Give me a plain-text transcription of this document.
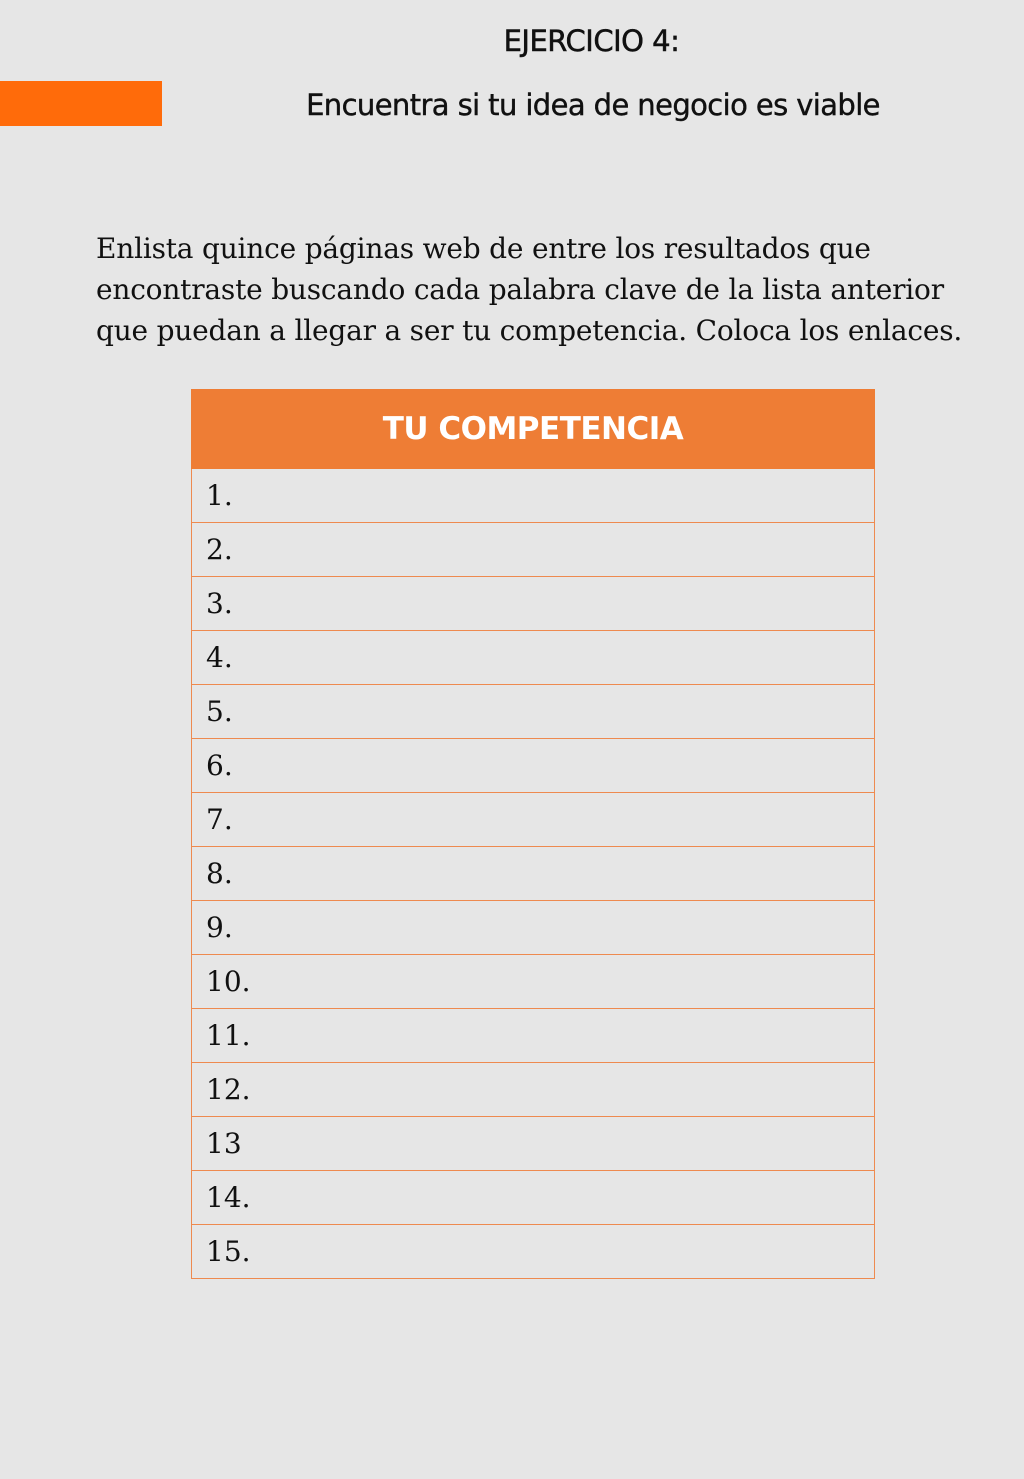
EJERCICIO 4:
Encuentra si tu idea de negocio es viable

Enlista quince páginas web de entre los resultados que encontraste buscando cada palabra clave de la lista anterior que puedan a llegar a ser tu competencia. Coloca los enlaces.

TU COMPETENCIA
1.
2.
3.
4.
5.
6.
7.
8.
9.
10.
11.
12.
13
14.
15.
